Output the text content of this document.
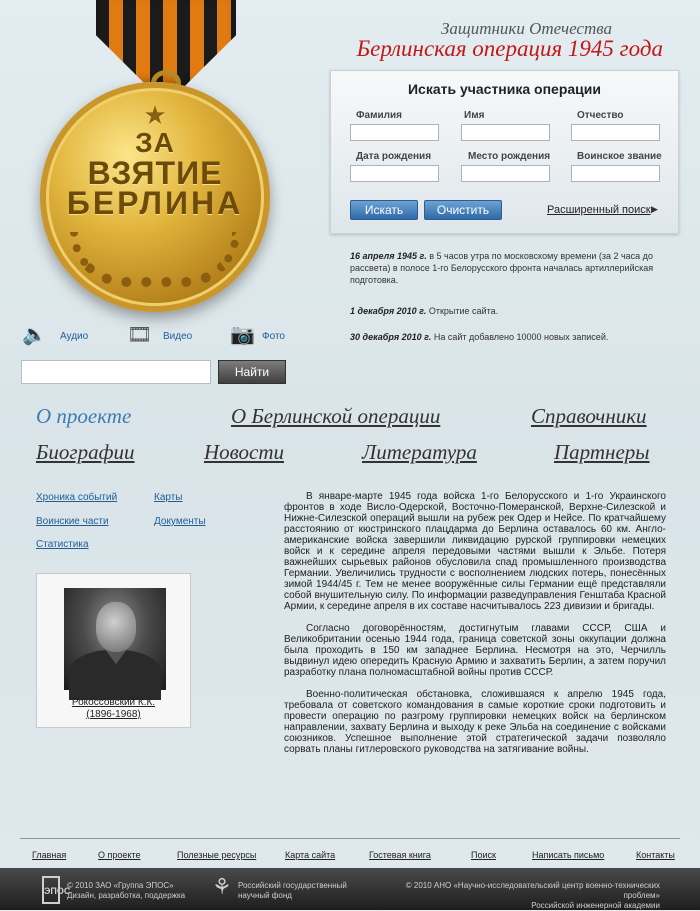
★
ЗА
ВЗЯТИЕ
БЕРЛИНА
Защитники Отечества
Берлинская операция 1945 года
Искать участника операции
Фамилия	Имя	Отчество
Дата рождения	Место рождения	Воинское звание
Искать	Очистить	Расширенный поиск ▶
16 апреля 1945 г. в 5 часов утра по московскому времени (за 2 часа до рассвета) в полосе 1-го Белорусского фронта началась артиллерийская подготовка.
1 декабря 2010 г. Открытие сайта.
30 декабря 2010 г. На сайт добавлено 10000 новых записей.
🔈 Аудио 🎞 Видео 📷 Фото
Найти
О проекте	О Берлинской операции	Справочники
Биографии	Новости	Литература	Партнеры
Хроника событий	Карты
Воинские части	Документы
Статистика
Рокоссовский К.К.
(1896-1968)

В январе-марте 1945 года войска 1-го Белорусского и 1-го Украинского фронтов в ходе Висло-Одерской, Восточно-Померанской, Верхне-Силезской и Нижне-Силезской операций вышли на рубеж рек Одер и Нейсе. По кратчайшему расстоянию от кюстринского плацдарма до Берлина оставалось 60 км. Англо-американские войска завершили ликвидацию рурской группировки немецких войск и к середине апреля передовыми частями вышли к Эльбе. Потеря важнейших сырьевых районов обусловила спад промышленного производства Германии. Увеличились трудности с восполнением людских потерь, понесённых зимой 1944/45 г. Тем не менее вооружённые силы Германии ещё представляли собой внушительную силу. По информации разведуправления Генштаба Красной Армии, к середине апреля в их составе насчитывалось 223 дивизии и бригады.

Согласно договорённостям, достигнутым главами СССР, США и Великобритании осенью 1944 года, граница советской зоны оккупации должна была проходить в 150 км западнее Берлина. Несмотря на это, Черчилль выдвинул идею опередить Красную Армию и захватить Берлин, а затем поручил разработку плана полномасштабной войны против СССР.

Военно-политическая обстановка, сложившаяся к апрелю 1945 года, требовала от советского командования в самые короткие сроки подготовить и провести операцию по разгрому группировки немецких войск на берлинском направлении, захвату Берлина и выходу к реке Эльба на соединение с войсками союзников. Успешное выполнение этой стратегической задачи позволяло сорвать планы гитлеровского руководства на затягивание войны.

Главная	О проекте	Полезные ресурсы	Карта сайта	Гостевая книга	Поиск	Написать письмо	Контакты
ЭПОС
© 2010 ЗАО «Группа ЭПОС»
Дизайн, разработка, поддержка ⚘ Российский государственный
научный фонд
© 2010 АНО «Научно-исследовательский центр военно-технических проблем»
Российской инженерной академии
